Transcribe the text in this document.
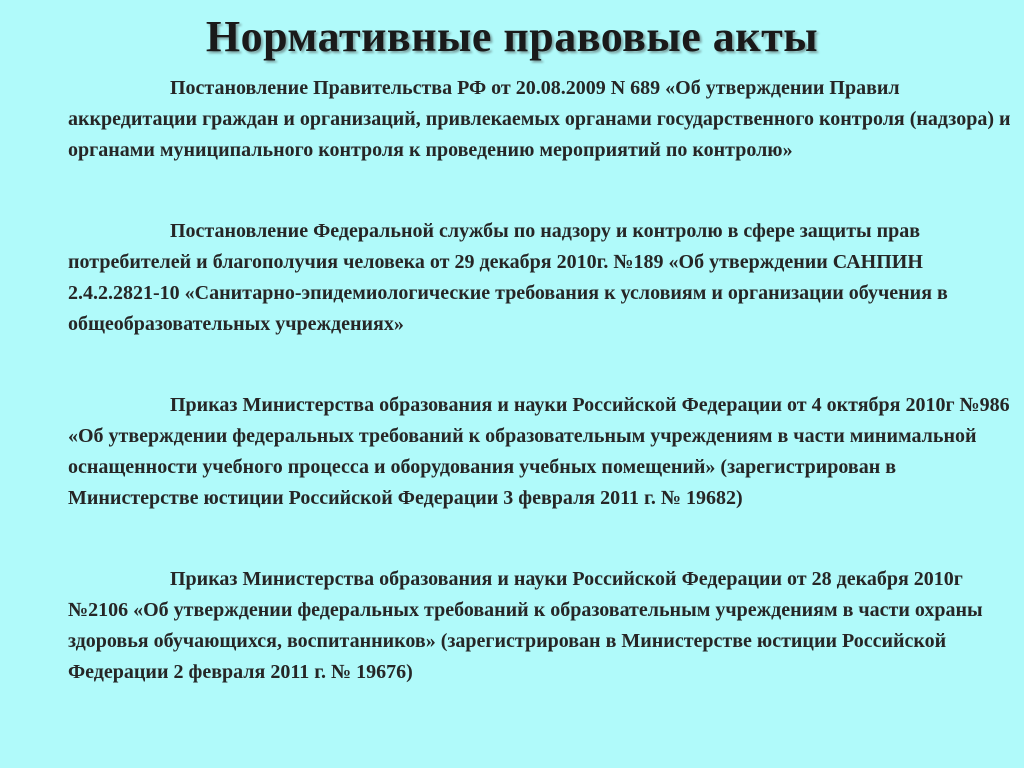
Нормативные правовые акты

Постановление Правительства РФ от 20.08.2009 N 689 «Об утверждении Правил аккредитации граждан и организаций, привлекаемых органами государственного контроля (надзора) и органами муниципального контроля к проведению мероприятий по контролю»

Постановление Федеральной службы по надзору и контролю в сфере защиты прав потребителей и благополучия человека от 29 декабря 2010г. №189 «Об утверждении САНПИН 2.4.2.2821-10 «Санитарно-эпидемиологические требования к условиям и организации обучения в общеобразовательных учреждениях»

Приказ Министерства образования и науки Российской Федерации от 4 октября 2010г №986 «Об утверждении федеральных требований к образовательным учреждениям в части минимальной оснащенности учебного процесса и оборудования учебных помещений» (зарегистрирован в Министерстве юстиции Российской Федерации 3 февраля 2011 г. № 19682)

Приказ Министерства образования и науки Российской Федерации от 28 декабря 2010г №2106 «Об утверждении федеральных требований к образовательным учреждениям в части охраны здоровья обучающихся, воспитанников» (зарегистрирован в Министерстве юстиции Российской Федерации 2 февраля 2011 г. № 19676)
